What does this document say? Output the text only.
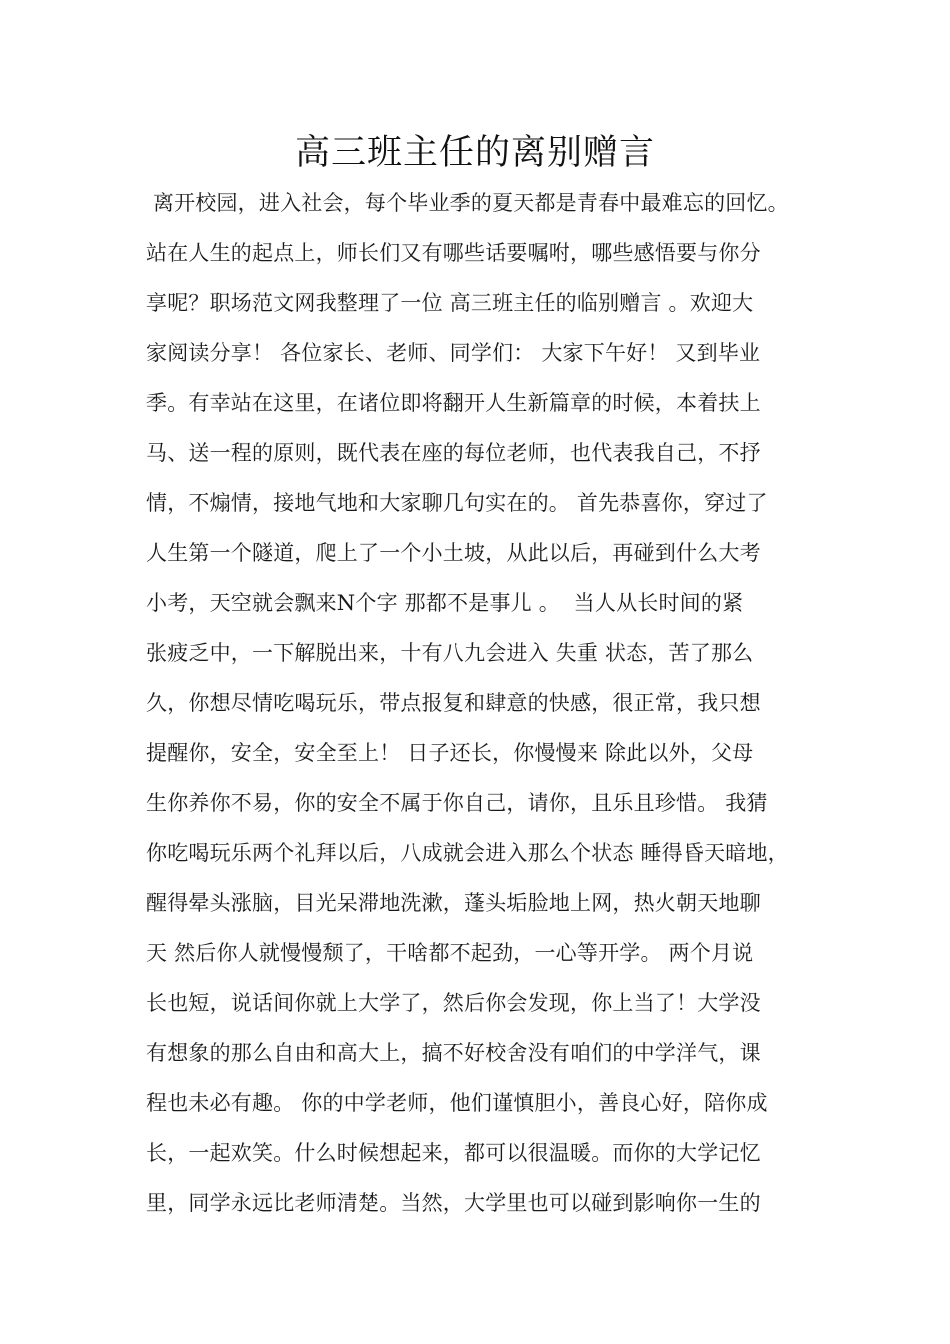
高三班主任的离别赠言
离开校园，进入社会，每个毕业季的夏天都是青春中最难忘的回忆。
站在人生的起点上，师长们又有哪些话要嘱咐，哪些感悟要与你分
享呢？职场范文网我整理了一位 高三班主任的临别赠言 。欢迎大
家阅读分享！ 各位家长、老师、同学们： 大家下午好！ 又到毕业
季。有幸站在这里，在诸位即将翻开人生新篇章的时候，本着扶上
马、送一程的原则，既代表在座的每位老师，也代表我自己，不抒
情，不煽情，接地气地和大家聊几句实在的。 首先恭喜你，穿过了
人生第一个隧道，爬上了一个小土坡，从此以后，再碰到什么大考
小考，天空就会飘来N个字 那都不是事儿 。  当人从长时间的紧
张疲乏中，一下解脱出来，十有八九会进入 失重 状态，苦了那么
久，你想尽情吃喝玩乐，带点报复和肆意的快感，很正常，我只想
提醒你，安全，安全至上！ 日子还长，你慢慢来 除此以外，父母
生你养你不易，你的安全不属于你自己，请你，且乐且珍惜。 我猜
你吃喝玩乐两个礼拜以后，八成就会进入那么个状态 睡得昏天暗地，
醒得晕头涨脑，目光呆滞地洗漱，蓬头垢脸地上网，热火朝天地聊
天 然后你人就慢慢颓了，干啥都不起劲，一心等开学。 两个月说
长也短，说话间你就上大学了，然后你会发现，你上当了！大学没
有想象的那么自由和高大上，搞不好校舍没有咱们的中学洋气，课
程也未必有趣。 你的中学老师，他们谨慎胆小，善良心好，陪你成
长，一起欢笑。什么时候想起来，都可以很温暖。而你的大学记忆
里，同学永远比老师清楚。当然，大学里也可以碰到影响你一生的
